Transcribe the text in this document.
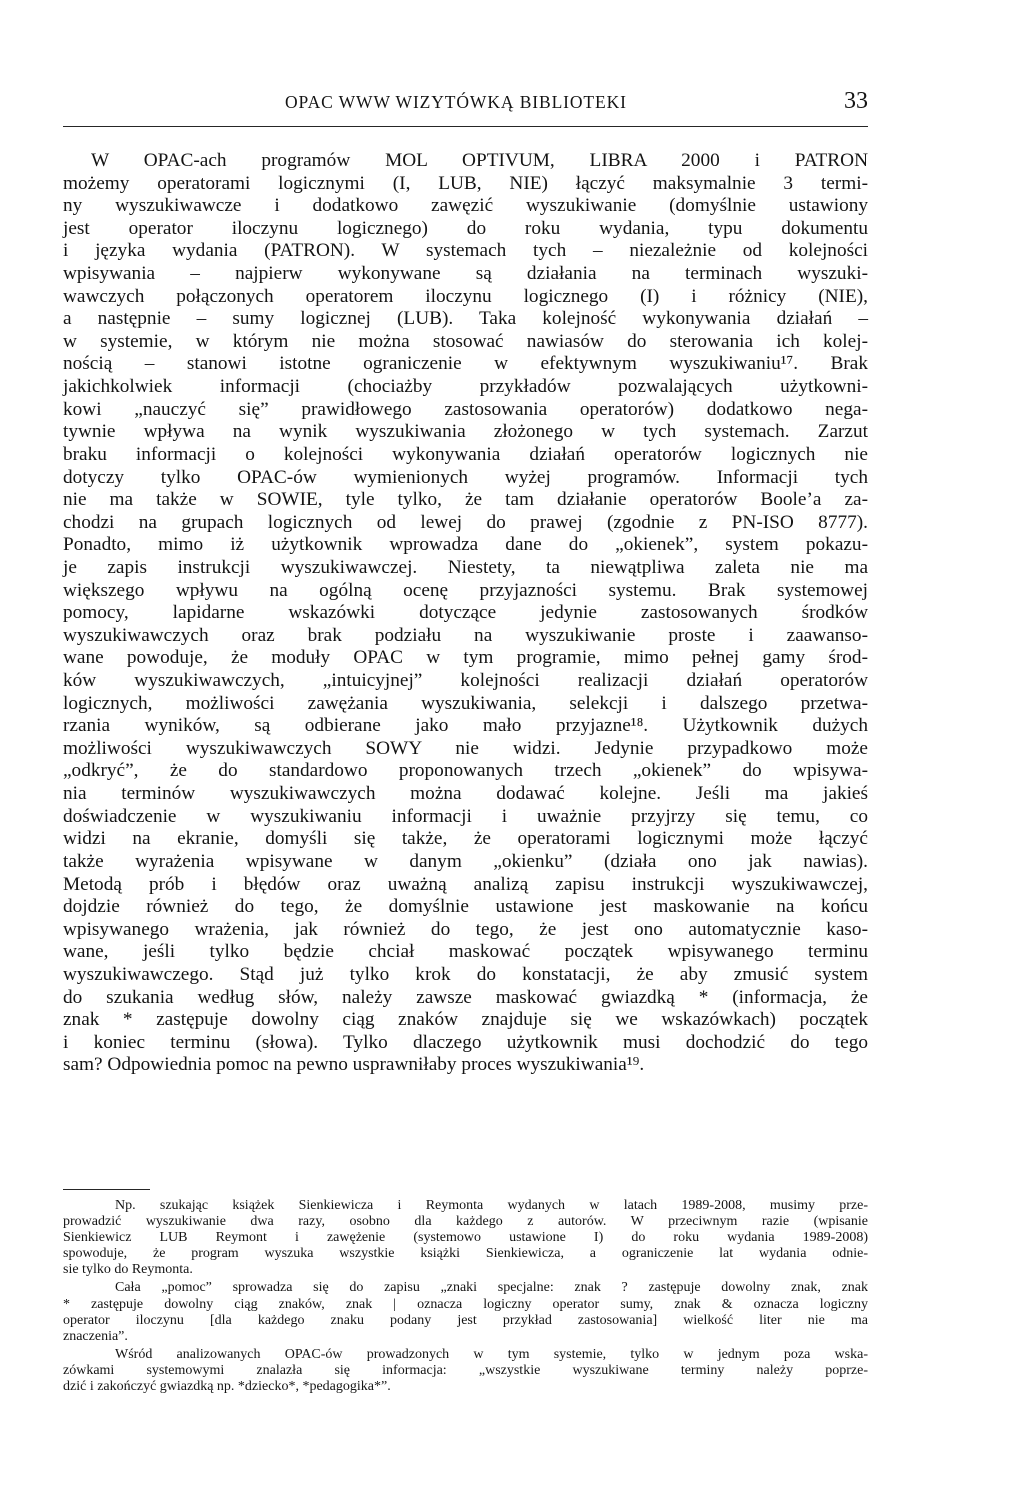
OPAC WWW WIZYTÓWKĄ BIBLIOTEKI	33
W OPAC-ach programów MOL OPTIVUM, LIBRA 2000 i PATRON
możemy operatorami logicznymi (I, LUB, NIE) łączyć maksymalnie 3 termi-
ny wyszukiwawcze i dodatkowo zawęzić wyszukiwanie (domyślnie ustawiony
jest operator iloczynu logicznego) do roku wydania, typu dokumentu
i języka wydania (PATRON). W systemach tych – niezależnie od kolejności
wpisywania – najpierw wykonywane są działania na terminach wyszuki-
wawczych połączonych operatorem iloczynu logicznego (I) i różnicy (NIE),
a następnie – sumy logicznej (LUB). Taka kolejność wykonywania działań –
w systemie, w którym nie można stosować nawiasów do sterowania ich kolej-
nością – stanowi istotne ograniczenie w efektywnym wyszukiwaniu¹⁷. Brak
jakichkolwiek informacji (chociażby przykładów pozwalających użytkowni-
kowi „nauczyć się” prawidłowego zastosowania operatorów) dodatkowo nega-
tywnie wpływa na wynik wyszukiwania złożonego w tych systemach. Zarzut
braku informacji o kolejności wykonywania działań operatorów logicznych nie
dotyczy tylko OPAC-ów wymienionych wyżej programów. Informacji tych
nie ma także w SOWIE, tyle tylko, że tam działanie operatorów Boole’a za-
chodzi na grupach logicznych od lewej do prawej (zgodnie z PN-ISO 8777).
Ponadto, mimo iż użytkownik wprowadza dane do „okienek”, system pokazu-
je zapis instrukcji wyszukiwawczej. Niestety, ta niewątpliwa zaleta nie ma
większego wpływu na ogólną ocenę przyjazności systemu. Brak systemowej
pomocy, lapidarne wskazówki dotyczące jedynie zastosowanych środków
wyszukiwawczych oraz brak podziału na wyszukiwanie proste i zaawanso-
wane powoduje, że moduły OPAC w tym programie, mimo pełnej gamy środ-
ków wyszukiwawczych, „intuicyjnej” kolejności realizacji działań operatorów
logicznych, możliwości zawężania wyszukiwania, selekcji i dalszego przetwa-
rzania wyników, są odbierane jako mało przyjazne¹⁸. Użytkownik dużych
możliwości wyszukiwawczych SOWY nie widzi. Jedynie przypadkowo może
„odkryć”, że do standardowo proponowanych trzech „okienek” do wpisywa-
nia terminów wyszukiwawczych można dodawać kolejne. Jeśli ma jakieś
doświadczenie w wyszukiwaniu informacji i uważnie przyjrzy się temu, co
widzi na ekranie, domyśli się także, że operatorami logicznymi może łączyć
także wyrażenia wpisywane w danym „okienku” (działa ono jak nawias).
Metodą prób i błędów oraz uważną analizą zapisu instrukcji wyszukiwawczej,
dojdzie również do tego, że domyślnie ustawione jest maskowanie na końcu
wpisywanego wrażenia, jak również do tego, że jest ono automatycznie kaso-
wane, jeśli tylko będzie chciał maskować początek wpisywanego terminu
wyszukiwawczego. Stąd już tylko krok do konstatacji, że aby zmusić system
do szukania według słów, należy zawsze maskować gwiazdką * (informacja, że
znak * zastępuje dowolny ciąg znaków znajduje się we wskazówkach) początek
i koniec terminu (słowa). Tylko dlaczego użytkownik musi dochodzić do tego
sam? Odpowiednia pomoc na pewno usprawniłaby proces wyszukiwania¹⁹.
Np. szukając książek Sienkiewicza i Reymonta wydanych w latach 1989-2008, musimy prze-
prowadzić wyszukiwanie dwa razy, osobno dla każdego z autorów. W przeciwnym razie (wpisanie
Sienkiewicz LUB Reymont i zawężenie (systemowo ustawione I) do roku wydania 1989-2008)
spowoduje, że program wyszuka wszystkie książki Sienkiewicza, a ograniczenie lat wydania odnie-
sie tylko do Reymonta.
Cała „pomoc” sprowadza się do zapisu „znaki specjalne: znak ? zastępuje dowolny znak, znak
* zastępuje dowolny ciąg znaków, znak | oznacza logiczny operator sumy, znak & oznacza logiczny
operator iloczynu [dla każdego znaku podany jest przykład zastosowania] wielkość liter nie ma
znaczenia”.
Wśród analizowanych OPAC-ów prowadzonych w tym systemie, tylko w jednym poza wska-
zówkami systemowymi znalazła się informacja: „wszystkie wyszukiwane terminy należy poprze-
dzić i zakończyć gwiazdką np. *dziecko*, *pedagogika*”.
